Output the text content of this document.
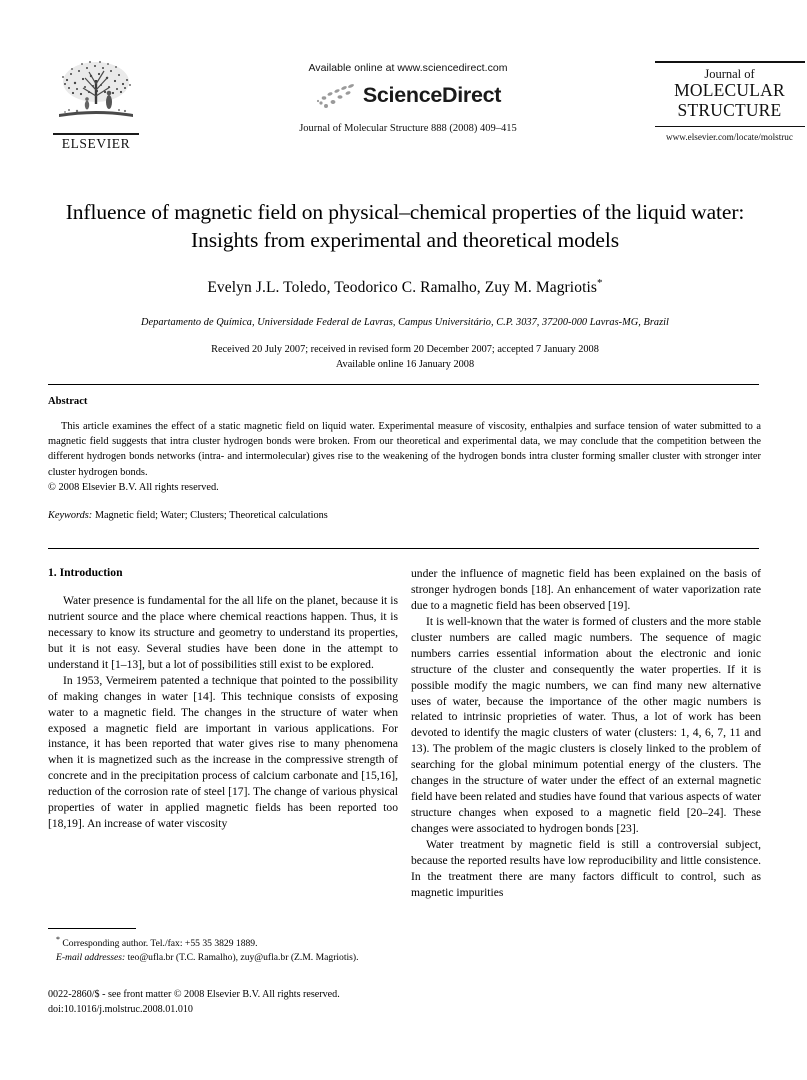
ELSEVIER
Available online at www.sciencedirect.com
ScienceDirect
Journal of Molecular Structure 888 (2008) 409–415
Journal of
MOLECULAR
STRUCTURE
www.elsevier.com/locate/molstruc
Influence of magnetic field on physical–chemical properties of the liquid water: Insights from experimental and theoretical models
Evelyn J.L. Toledo, Teodorico C. Ramalho, Zuy M. Magriotis*
Departamento de Química, Universidade Federal de Lavras, Campus Universitário, C.P. 3037, 37200-000 Lavras-MG, Brazil
Received 20 July 2007; received in revised form 20 December 2007; accepted 7 January 2008
Available online 16 January 2008
Abstract
This article examines the effect of a static magnetic field on liquid water. Experimental measure of viscosity, enthalpies and surface tension of water submitted to a magnetic field suggests that intra cluster hydrogen bonds were broken. From our theoretical and experimental data, we may conclude that the competition between the different hydrogen bonds networks (intra- and intermolecular) gives rise to the weakening of the hydrogen bonds intra cluster forming smaller cluster with stronger inter cluster hydrogen bonds.
© 2008 Elsevier B.V. All rights reserved.
Keywords: Magnetic field; Water; Clusters; Theoretical calculations
1. Introduction

Water presence is fundamental for the all life on the planet, because it is nutrient source and the place where chemical reactions happen. Thus, it is necessary to know its structure and geometry to understand its properties, but it is not easy. Several studies have been done in the attempt to understand it [1–13], but a lot of possibilities still exist to be explored.

In 1953, Vermeirem patented a technique that pointed to the possibility of making changes in water [14]. This technique consists of exposing water to a magnetic field. The changes in the structure of water when exposed a magnetic field are important in various applications. For instance, it has been reported that water gives rise to many phenomena when it is magnetized such as the increase in the compressive strength of concrete and in the precipitation process of calcium carbonate and [15,16], reduction of the corrosion rate of steel [17]. The change of various physical properties of water in applied magnetic fields has been reported too [18,19]. An increase of water viscosity

under the influence of magnetic field has been explained on the basis of stronger hydrogen bonds [18]. An enhancement of water vaporization rate due to a magnetic field has been observed [19].

It is well-known that the water is formed of clusters and the more stable cluster numbers are called magic numbers. The sequence of magic numbers carries essential information about the electronic and ionic structure of the cluster and consequently the water properties. If it is possible modify the magic numbers, we can find many new alternative uses of water, because the importance of the other magic numbers is related to intrinsic proprieties of water. Thus, a lot of work has been devoted to identify the magic clusters of water (clusters: 1, 4, 6, 7, 11 and 13). The problem of the magic clusters is closely linked to the problem of searching for the global minimum potential energy of the clusters. The changes in the structure of water under the effect of an external magnetic field have been related and studies have found that various aspects of water structure changes when exposed to a magnetic field [20–24]. These changes were associated to hydrogen bonds [23].

Water treatment by magnetic field is still a controversial subject, because the reported results have low reproducibility and little consistence. In the treatment there are many factors difficult to control, such as magnetic impurities

* Corresponding author. Tel./fax: +55 35 3829 1889.

E-mail addresses: teo@ufla.br (T.C. Ramalho), zuy@ufla.br (Z.M. Magriotis).

0022-2860/$ - see front matter © 2008 Elsevier B.V. All rights reserved.
doi:10.1016/j.molstruc.2008.01.010
